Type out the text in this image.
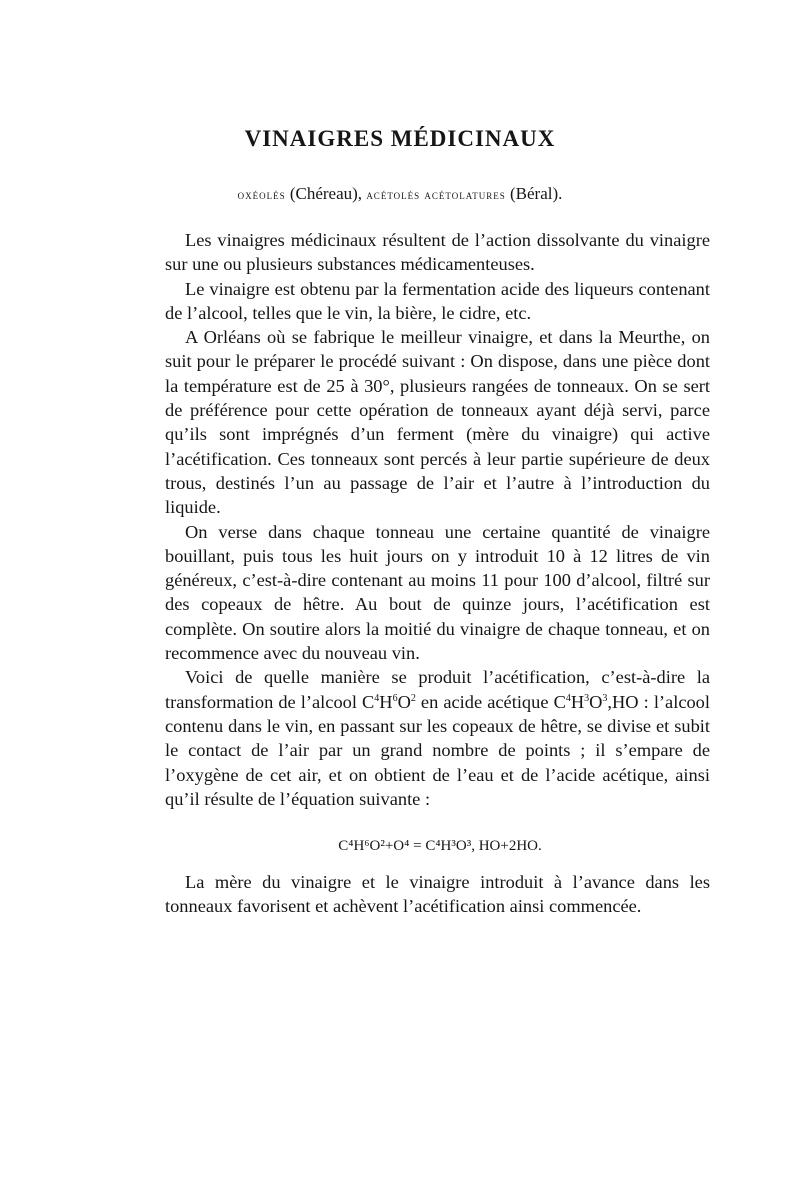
VINAIGRES MÉDICINAUX
oxéolés (Chéreau), acétolés acétolatures (Béral).

Les vinaigres médicinaux résultent de l’action dissolvante du vinaigre sur une ou plusieurs substances médicamenteuses.

Le vinaigre est obtenu par la fermentation acide des liqueurs contenant de l’alcool, telles que le vin, la bière, le cidre, etc.

A Orléans où se fabrique le meilleur vinaigre, et dans la Meurthe, on suit pour le préparer le procédé suivant : On dispose, dans une pièce dont la température est de 25 à 30°, plusieurs rangées de tonneaux. On se sert de préférence pour cette opération de tonneaux ayant déjà servi, parce qu’ils sont imprégnés d’un ferment (mère du vinaigre) qui active l’acétification. Ces tonneaux sont percés à leur partie supérieure de deux trous, destinés l’un au passage de l’air et l’autre à l’introduction du liquide.

On verse dans chaque tonneau une certaine quantité de vinaigre bouillant, puis tous les huit jours on y introduit 10 à 12 litres de vin généreux, c’est-à-dire contenant au moins 11 pour 100 d’alcool, filtré sur des copeaux de hêtre. Au bout de quinze jours, l’acétification est complète. On soutire alors la moitié du vinaigre de chaque tonneau, et on recommence avec du nouveau vin.

Voici de quelle manière se produit l’acétification, c’est-à-dire la transformation de l’alcool $C^4H^6O^2$ en acide acétique $C^4H^3O^3,HO$ : l’alcool contenu dans le vin, en passant sur les copeaux de hêtre, se divise et subit le contact de l’air par un grand nombre de points ; il s’empare de l’oxygène de cet air, et on obtient de l’eau et de l’acide acétique, ainsi qu’il résulte de l’équation suivante :

C⁴H⁶O²+O⁴ = C⁴H³O³, HO+2HO.

La mère du vinaigre et le vinaigre introduit à l’avance dans les tonneaux favorisent et achèvent l’acétification ainsi commencée.
